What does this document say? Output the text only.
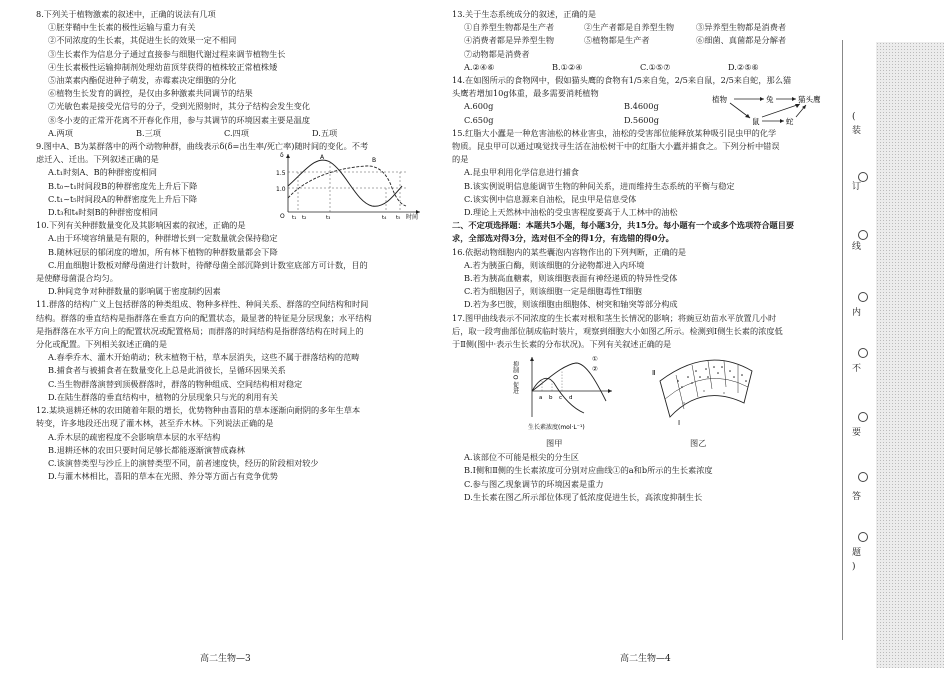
8.下列关于植物激素的叙述中，正确的说法有几项
①胚芽鞘中生长素的极性运输与重力有关
②不同浓度的生长素，其促进生长的效果一定不相同
③生长素作为信息分子通过直接参与细胞代谢过程来调节植物生长
④生长素极性运输抑制剂处理幼苗顶芽获得的植株较正常植株矮
⑤油菜素内酯促进种子萌发，赤霉素决定细胞的分化
⑥植物生长发育的调控，是仅由多种激素共同调节的结果
⑦光敏色素是接受光信号的分子，受到光照射时，其分子结构会发生变化
⑧冬小麦的正常开花离不开春化作用，参与其调节的环境因素主要是温度
A.两项	B.三项	C.四项	D.五项
9.图中A、B为某群落中的两个动物种群，曲线表示δ(δ=出生率/死亡率)随时间的变化。不考
虑迁入、迁出。下列叙述正确的是
A.t₁时刻A、B的种群密度相同
B.t₀~t₁时间段B的种群密度先上升后下降
C.t₁~t₅时间段A的种群密度先上升后下降
D.t₃和t₄时刻B的种群密度相同
1.5
1.0
O
δ
t₁ t₂	t₃	t₄ t₅ 时间
A	B
10.下列有关种群数量变化及其影响因素的叙述，正确的是
A.由于环境容纳量是有限的，种群增长到一定数量就会保持稳定
B.随林冠层的郁闭度的增加，所有林下植物的种群数量都会下降
C.用血细胞计数板对酵母菌进行计数时，待酵母菌全部沉降到计数室底部方可计数，目的
是使酵母菌混合均匀。
D.种间竞争对种群数量的影响属于密度制约因素
11.群落的结构广义上包括群落的种类组成、物种多样性、种间关系、群落的空间结构和时间
结构。群落的垂直结构是指群落在垂直方向的配置状态，最显著的特征是分层现象；水平结构
是指群落在水平方向上的配置状况或配置格局；而群落的时间结构是指群落结构在时间上的
分化或配置。下列相关叙述正确的是
A.春季乔木、灌木开始萌动；秋末植物干枯，草本层消失，这些不属于群落结构的范畴
B.捕食者与被捕食者在数量变化上总是此消彼长，呈循环因果关系
C.当生物群落演替到顶极群落时，群落的物种组成、空间结构相对稳定
D.在陆生群落的垂直结构中，植物的分层现象只与光的利用有关
12.某块退耕还林的农田随着年限的增长，优势物种由喜阳的草本逐渐向耐阴的多年生草本
转变，许多地段还出现了灌木林，甚至乔木林。下列说法正确的是
A.乔木层的疏密程度不会影响草本层的水平结构
B.退耕还林的农田只要时间足够长都能逐渐演替成森林
C.该演替类型与沙丘上的演替类型不同，前者速度快，经历的阶段相对较少
D.与灌木林相比，喜阳的草本在光照、养分等方面占有竞争优势
高二生物—3
13.关于生态系统成分的叙述，正确的是
①自养型生物都是生产者	②生产者都是自养型生物	③异养型生物都是消费者
④消费者都是异养型生物	⑤植物都是生产者	⑥细菌、真菌都是分解者
⑦动物都是消费者
A.②④⑥	B.①②④	C.①⑤⑦	D.②⑤⑥
14.在如图所示的食物网中，假如猫头鹰的食物有1/5来自兔，2/5来自鼠，2/5来自蛇，那么猫
头鹰若增加10g体重，最多需要消耗植物
A.600g	B.4600g
C.650g	D.5600g
植物	兔	猫头鹰
鼠	蛇
15.红脂大小蠹是一种危害油松的林业害虫，油松的受害部位能释放某种吸引昆虫甲的化学
物质。昆虫甲可以通过嗅觉找寻生活在油松树干中的红脂大小蠹并捕食之。下列分析中错误
的是
A.昆虫甲利用化学信息进行捕食
B.该实例说明信息能调节生物的种间关系，进而维持生态系统的平衡与稳定
C.该实例中信息源来自油松，昆虫甲是信息受体
D.理论上天然林中油松的受虫害程度要高于人工林中的油松
二、不定项选择题：本题共5小题，每小题3分，共15分。每小题有一个或多个选项符合题目要
求，全部选对得3分，选对但不全的得1分，有选错的得0分。
16.依据动物细胞内的某些囊泡内容物作出的下列判断，正确的是
A.若为胰蛋白酶，则该细胞的分泌物都进入内环境
B.若为胰高血糖素，则该细胞表面有神经递质的特异性受体
C.若为细胞因子，则该细胞一定是细胞毒性T细胞
D.若为多巴胺，则该细胞由细胞体、树突和轴突等部分构成
17.图甲曲线表示不同浓度的生长素对根和茎生长情况的影响；将豌豆幼苗水平放置几小时
后，取一段弯曲部位制成临时装片，观察到细胞大小如图乙所示。检测到Ⅰ侧生长素的浓度低
于Ⅱ侧(图中·表示生长素的分布状况)。下列有关叙述正确的是
抑制 O 促进
①
②
a b c d
生长素浓度(mol·L⁻¹)
图甲
Ⅱ
Ⅰ
图乙
A.该部位不可能是根尖的分生区
B.Ⅰ侧和Ⅱ侧的生长素浓度可分别对应曲线①的a和b所示的生长素浓度
C.参与图乙现象调节的环境因素是重力
D.生长素在图乙所示部位体现了低浓度促进生长，高浓度抑制生长
高二生物—4
(
装
订
线
内
不
要
答
题
)
